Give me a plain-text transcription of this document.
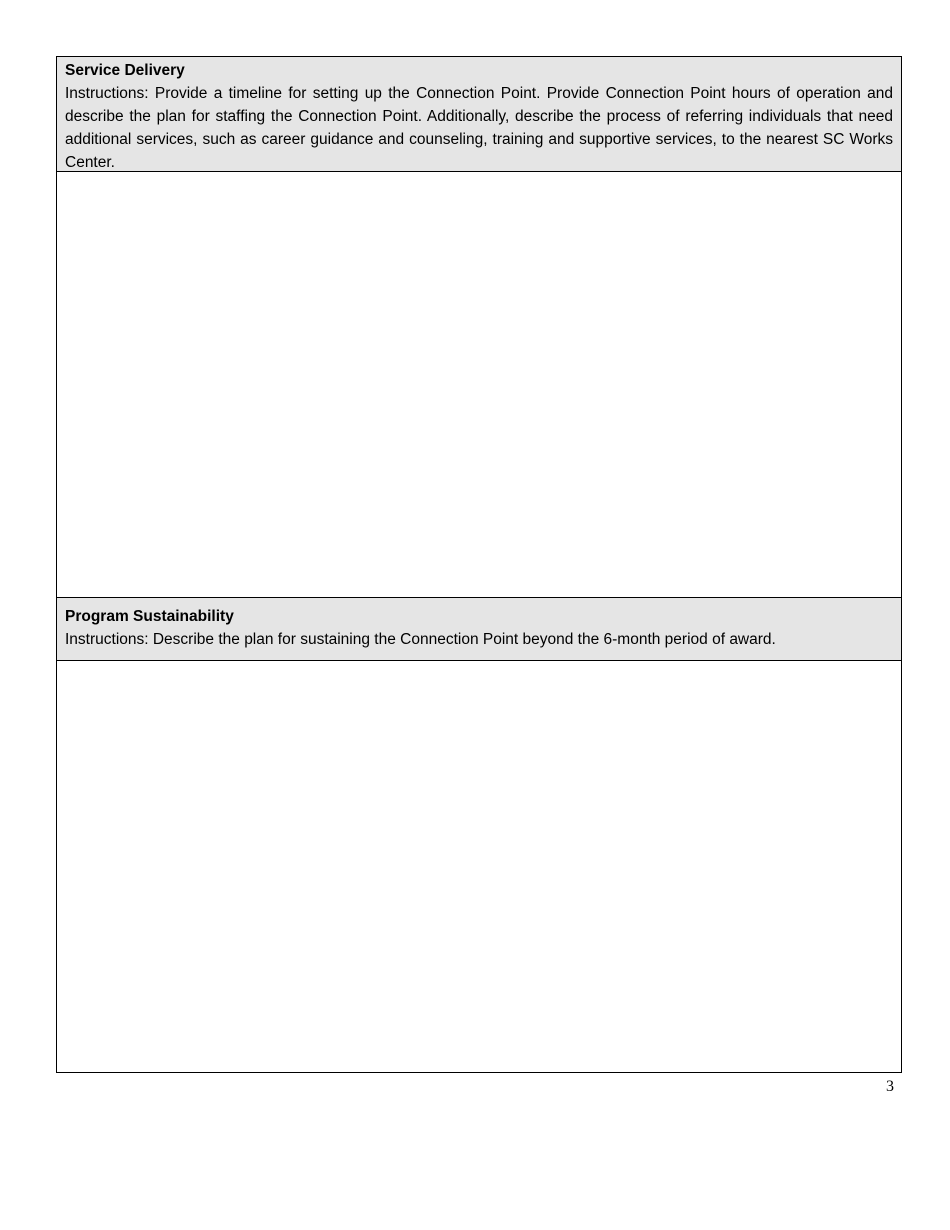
Service Delivery
Instructions: Provide a timeline for setting up the Connection Point. Provide Connection Point hours of operation and describe the plan for staffing the Connection Point. Additionally, describe the process of referring individuals that need additional services, such as career guidance and counseling, training and supportive services, to the nearest SC Works Center.
Program Sustainability
Instructions: Describe the plan for sustaining the Connection Point beyond the 6-month period of award.
3
